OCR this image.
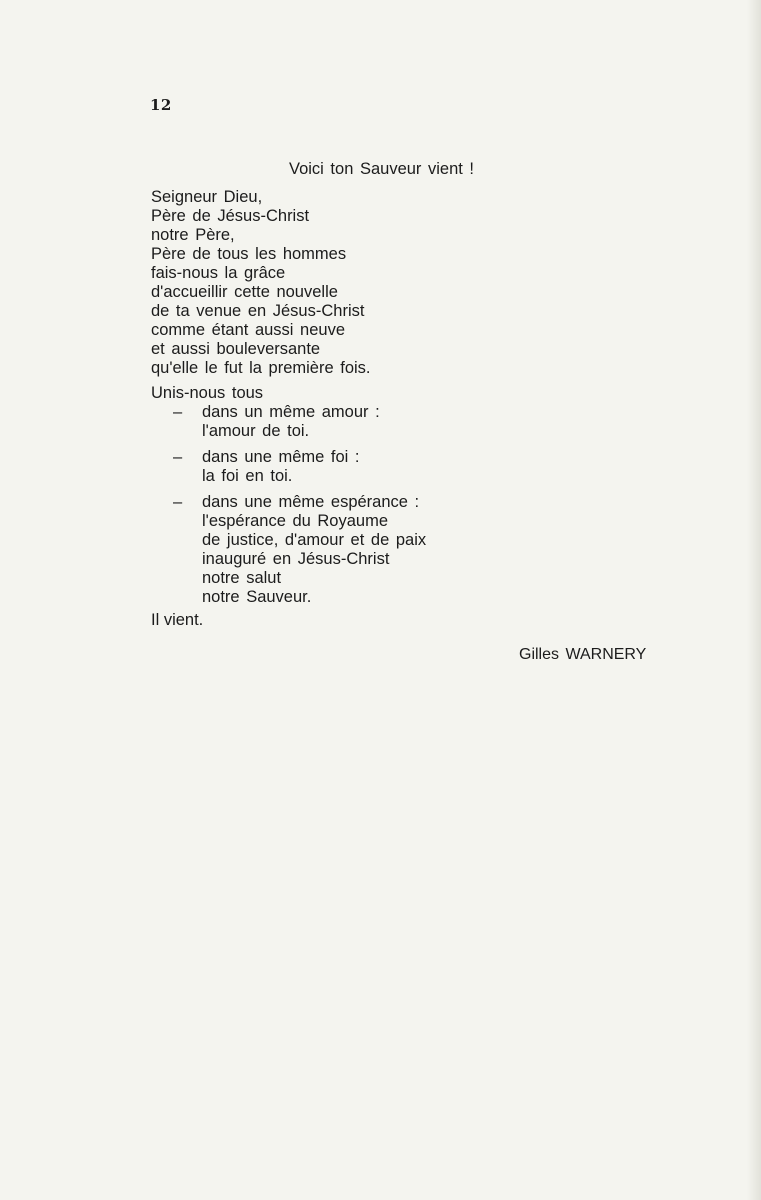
12
Voici ton Sauveur vient !
Seigneur Dieu,
Père de Jésus-Christ
notre Père,
Père de tous les hommes
fais-nous la grâce
d'accueillir cette nouvelle
de ta venue en Jésus-Christ
comme étant aussi neuve
et aussi bouleversante
qu'elle le fut la première fois.
Unis-nous tous
– dans un même amour :
l'amour de toi.
– dans une même foi :
la foi en toi.
– dans une même espérance :
l'espérance du Royaume
de justice, d'amour et de paix
inauguré en Jésus-Christ
notre salut
notre Sauveur.
Il vient.
Gilles WARNERY
